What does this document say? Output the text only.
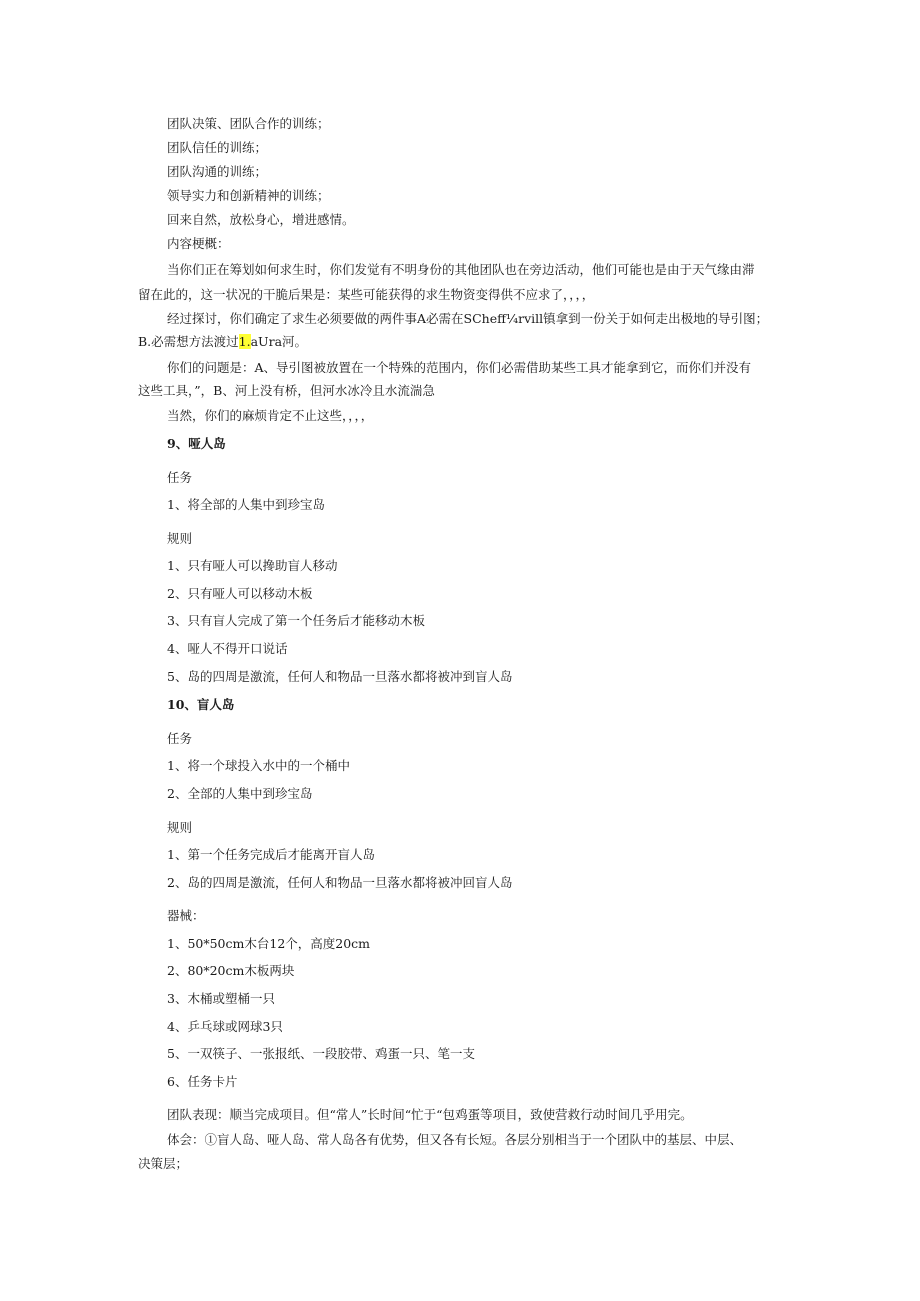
团队决策、团队合作的训练；
团队信任的训练；
团队沟通的训练；
领导实力和创新精神的训练；
回来自然，放松身心，增进感情。
内容梗概：
当你们正在筹划如何求生时，你们发觉有不明身份的其他团队也在旁边活动，他们可能也是由于天气缘由滞
留在此的，这一状况的干脆后果是：某些可能获得的求生物资变得供不应求了，，，，
经过探讨，你们确定了求生必须要做的两件事A必需在SCheff¼rvill镇拿到一份关于如何走出极地的导引图；
B.必需想方法渡过1.aUra河。
你们的问题是：A、导引图被放置在一个特殊的范围内，你们必需借助某些工具才能拿到它，而你们并没有
这些工具，”，B、河上没有桥，但河水冰冷且水流湍急
当然，你们的麻烦肯定不止这些，，，，
9、哑人岛
任务
1、将全部的人集中到珍宝岛
规则
1、只有哑人可以搀助盲人移动
2、只有哑人可以移动木板
3、只有盲人完成了第一个任务后才能移动木板
4、哑人不得开口说话
5、岛的四周是激流，任何人和物品一旦落水都将被冲到盲人岛
10、盲人岛
任务
1、将一个球投入水中的一个桶中
2、全部的人集中到珍宝岛
规则
1、第一个任务完成后才能离开盲人岛
2、岛的四周是激流，任何人和物品一旦落水都将被冲回盲人岛
器械：
1、50*50cm木台12个，高度20cm
2、80*20cm木板两块
3、木桶或塑桶一只
4、乒乓球或网球3只
5、一双筷子、一张报纸、一段胶带、鸡蛋一只、笔一支
6、任务卡片
团队表现：顺当完成项目。但“常人”长时间“忙于“包鸡蛋等项目，致使营救行动时间几乎用完。
体会：①盲人岛、哑人岛、常人岛各有优势，但又各有长短。各层分别相当于一个团队中的基层、中层、
决策层；
